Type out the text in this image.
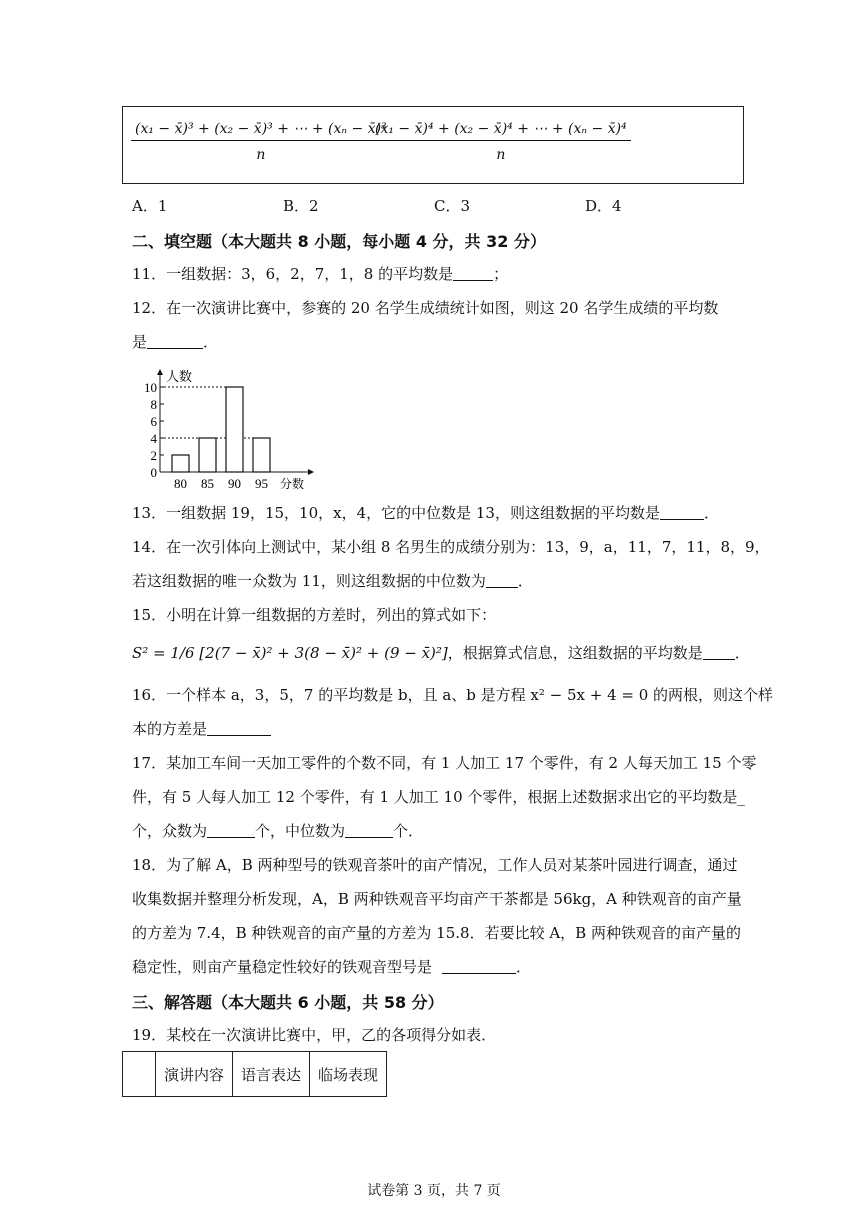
$\frac{\text{(x₁ − x̄)³ + (x₂ − x̄)³ + ⋯ + (xₙ − x̄)³}}{n}$
$\frac{\text{(x₁ − x̄)⁴ + (x₂ − x̄)⁴ + ⋯ + (xₙ − x̄)⁴}}{n}$
A．1	B．2	C．3	D．4
二、填空题（本大题共 8 小题，每小题 4 分，共 32 分）
11．一组数据：3，6，2，7，1，8 的平均数是	；
12．在一次演讲比赛中，参赛的 20 名学生成绩统计如图，则这 20 名学生成绩的平均数
是	．
0
2
4
6
8
10
80 85 90 95
人数
分数
13．一组数据 19，15，10，x，4，它的中位数是 13，则这组数据的平均数是	．
14．在一次引体向上测试中，某小组 8 名男生的成绩分别为：13，9，a，11，7，11，8，9，
若这组数据的唯一众数为 11，则这组数据的中位数为 ．
15．小明在计算一组数据的方差时，列出的算式如下：
S² = 1/6 [2(7 − x̄)² + 3(8 − x̄)² + (9 − x̄)²]，根据算式信息，这组数据的平均数是 ．
16．一个样本 a，3，5，7 的平均数是 b，且 a、b 是方程 x² − 5x + 4 = 0 的两根，则这个样
本的方差是
17．某加工车间一天加工零件的个数不同，有 1 人加工 17 个零件，有 2 人每天加工 15 个零
件，有 5 人每人加工 12 个零件，有 1 人加工 10 个零件，根据上述数据求出它的平均数是_
个，众数为	个，中位数为	个．
18．为了解 A，B 两种型号的铁观音茶叶的亩产情况，工作人员对某茶叶园进行调查，通过
收集数据并整理分析发现，A，B 两种铁观音平均亩产干茶都是 56kg，A 种铁观音的亩产量
的方差为 7.4，B 种铁观音的亩产量的方差为 15.8．若要比较 A，B 两种铁观音的亩产量的
稳定性，则亩产量稳定性较好的铁观音型号是	．
三、解答题（本大题共 6 小题，共 58 分）
19．某校在一次演讲比赛中，甲，乙的各项得分如表．
	演讲内容	语言表达	临场表现
试卷第 3 页，共 7 页
